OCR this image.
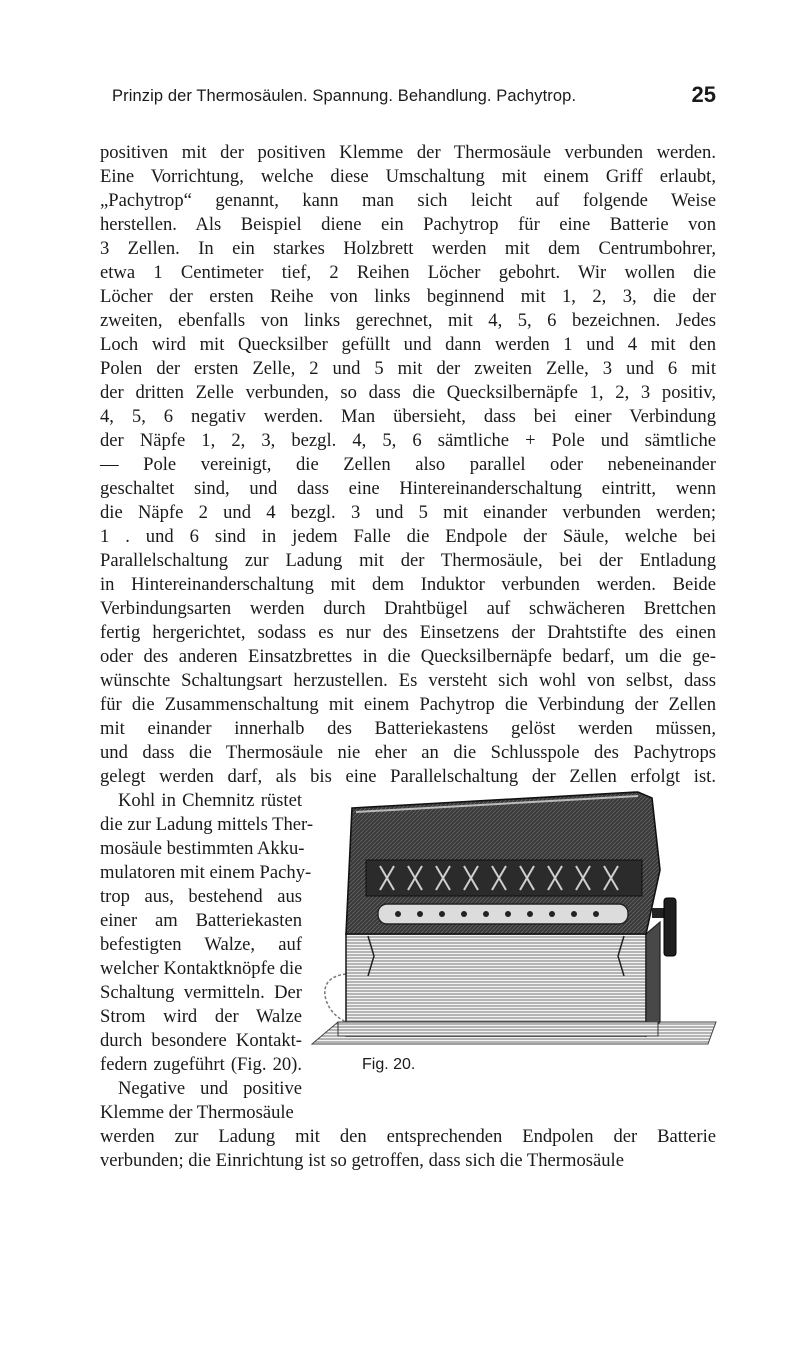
Prinzip der Thermosäulen. Spannung. Behandlung. Pachytrop.	25
positiven mit der positiven Klemme der Thermosäule verbunden werden.
Eine Vorrichtung, welche diese Umschaltung mit einem Griff erlaubt,
„Pachytrop“ genannt, kann man sich leicht auf folgende Weise
herstellen. Als Beispiel diene ein Pachytrop für eine Batterie von
3 Zellen. In ein starkes Holzbrett werden mit dem Centrumbohrer,
etwa 1 Centimeter tief, 2 Reihen Löcher gebohrt. Wir wollen die
Löcher der ersten Reihe von links beginnend mit 1, 2, 3, die der
zweiten, ebenfalls von links gerechnet, mit 4, 5, 6 bezeichnen. Jedes
Loch wird mit Quecksilber gefüllt und dann werden 1 und 4 mit den
Polen der ersten Zelle, 2 und 5 mit der zweiten Zelle, 3 und 6 mit
der dritten Zelle verbunden, so dass die Quecksilbernäpfe 1, 2, 3 positiv,
4, 5, 6 negativ werden. Man übersieht, dass bei einer Verbindung
der Näpfe 1, 2, 3, bezgl. 4, 5, 6 sämtliche + Pole und sämtliche
— Pole vereinigt, die Zellen also parallel oder nebeneinander
geschaltet sind, und dass eine Hintereinanderschaltung eintritt, wenn
die Näpfe 2 und 4 bezgl. 3 und 5 mit einander verbunden werden;
1 . und 6 sind in jedem Falle die Endpole der Säule, welche bei
Parallelschaltung zur Ladung mit der Thermosäule, bei der Entladung
in Hintereinanderschaltung mit dem Induktor verbunden werden. Beide
Verbindungsarten werden durch Drahtbügel auf schwächeren Brettchen
fertig hergerichtet, sodass es nur des Einsetzens der Drahtstifte des einen
oder des anderen Einsatzbrettes in die Quecksilbernäpfe bedarf, um die ge-
wünschte Schaltungsart herzustellen. Es versteht sich wohl von selbst, dass
für die Zusammenschaltung mit einem Pachytrop die Verbindung der Zellen
mit einander innerhalb des Batteriekastens gelöst werden müssen,
und dass die Thermosäule nie eher an die Schlusspole des Pachytrops
gelegt werden darf, als bis eine Parallelschaltung der Zellen erfolgt ist.
Kohl in Chemnitz rüstet
die zur Ladung mittels Ther-
mosäule bestimmten Akku-
mulatoren mit einem Pachy-
trop aus, bestehend aus
einer am Batteriekasten
befestigten Walze, auf
welcher Kontaktknöpfe die
Schaltung vermitteln. Der
Strom wird der Walze
durch besondere Kontakt-
federn zugeführt (Fig. 20).
Negative und positive
Klemme der Thermosäule
werden zur Ladung mit den entsprechenden Endpolen der Batterie
verbunden; die Einrichtung ist so getroffen, dass sich die Thermosäule
Fig. 20.
